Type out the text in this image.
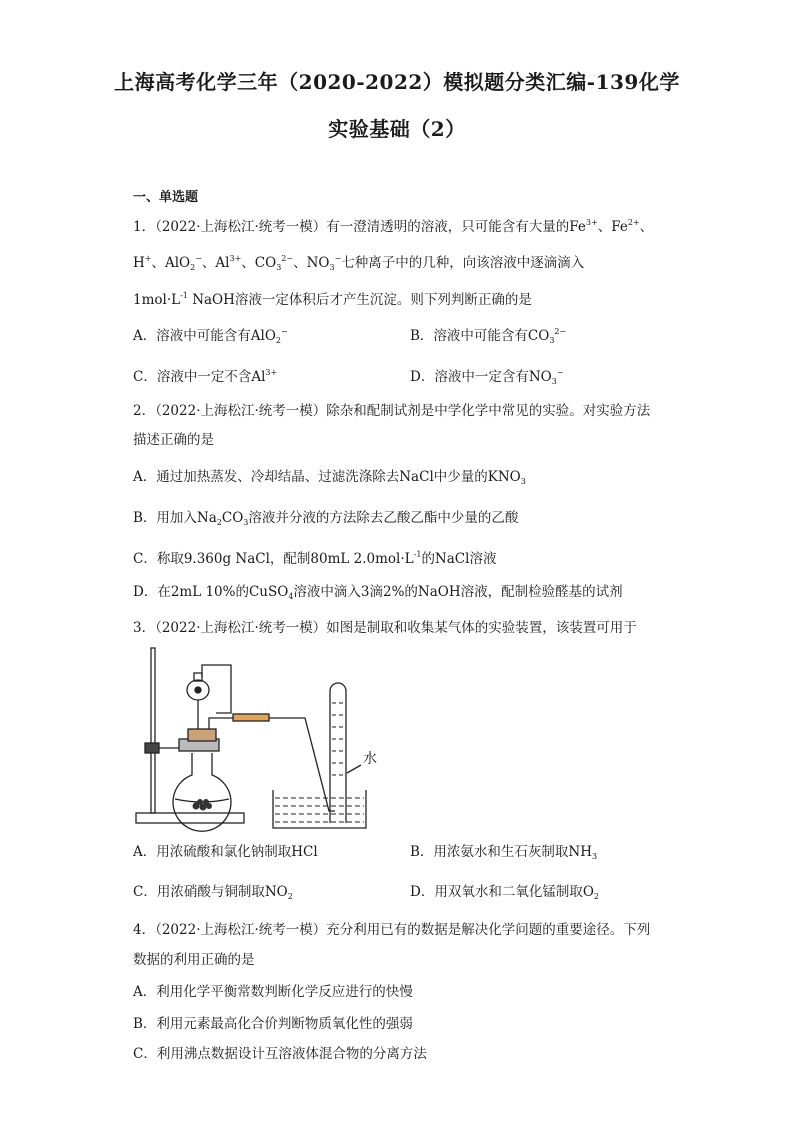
上海高考化学三年（2020-2022）模拟题分类汇编-139化学
实验基础（2）
一、单选题
1．（2022·上海松江·统考一模）有一澄清透明的溶液，只可能含有大量的$Fe^{3+}$、$Fe^{2+}$、
H+、AlO$_2$−、$Al^{3+}$、$CO_3^{2-}$、$NO_3^-$七种离子中的几种，向该溶液中逐滴滴入
$1mol\cdot L^{-1}$ NaOH溶液一定体积后才产生沉淀。则下列判断正确的是
A．溶液中可能含有AlO$_2$−	B．溶液中可能含有$CO_3^{2-}$
C．溶液中一定不含$Al^{3+}$	D．溶液中一定含有$NO_3^-$
2．（2022·上海松江·统考一模）除杂和配制试剂是中学化学中常见的实验。对实验方法
描述正确的是
A．通过加热蒸发、冷却结晶、过滤洗涤除去NaCl中少量的$KNO_3$
B．用加入$Na_2CO_3$溶液并分液的方法除去乙酸乙酯中少量的乙酸
C．称取9.360g NaCl，配制80mL $2.0mol\cdot L^{-1}$的NaCl溶液
D．在2mL 10%的CuSO$_4$溶液中滴入3滴2%的NaOH溶液，配制检验醛基的试剂
3．（2022·上海松江·统考一模）如图是制取和收集某气体的实验装置，该装置可用于
水
A．用浓硫酸和氯化钠制取HCl	B．用浓氨水和生石灰制取$NH_3$
C．用浓硝酸与铜制取$NO_2$	D．用双氧水和二氧化锰制取$O_2$
4．（2022·上海松江·统考一模）充分利用已有的数据是解决化学问题的重要途径。下列
数据的利用正确的是
A．利用化学平衡常数判断化学反应进行的快慢
B．利用元素最高化合价判断物质氧化性的强弱
C．利用沸点数据设计互溶液体混合物的分离方法
